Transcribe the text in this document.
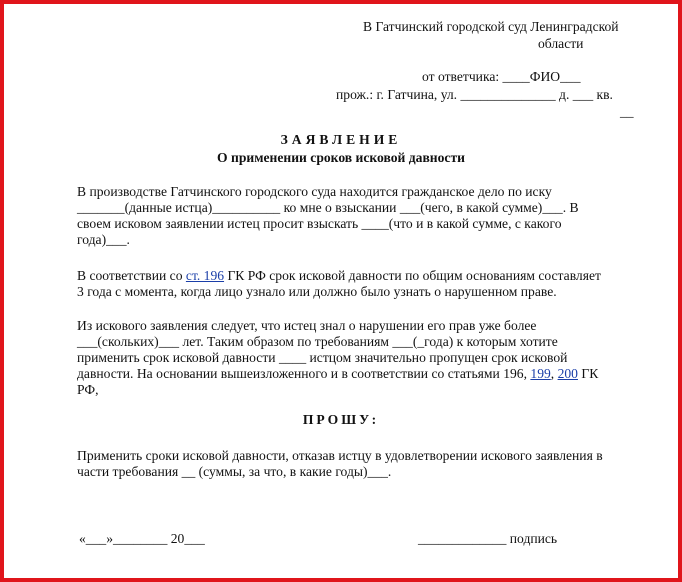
В Гатчинский городской суд Ленинградской
области
от ответчика: ____ФИО___
прож.: г. Гатчина, ул. ______________ д. ___ кв.
__
ЗАЯВЛЕНИЕ
О применении сроков исковой давности
В производстве Гатчинского городского суда находится гражданское дело по иску
_______(данные истца)__________ ко мне о взыскании ___(чего, в какой сумме)___. В
своем исковом заявлении истец просит взыскать ____(что и в какой сумме, с какого
года)___.
В соответствии со ст. 196 ГК РФ срок исковой давности по общим основаниям составляет
3 года с момента, когда лицо узнало или должно было узнать о нарушенном праве.
Из искового заявления следует, что истец знал о нарушении его прав уже более
___(скольких)___ лет. Таким образом по требованиям ___(_года) к которым хотите
применить срок исковой давности ____ истцом значительно пропущен срок исковой
давности. На основании вышеизложенного и в соответствии со статьями 196, 199, 200 ГК
РФ,
ПРОШУ:
Применить сроки исковой давности, отказав истцу в удовлетворении искового заявления в
части требования __ (суммы, за что, в какие годы)___.
«___»________ 20___	_____________ подпись
